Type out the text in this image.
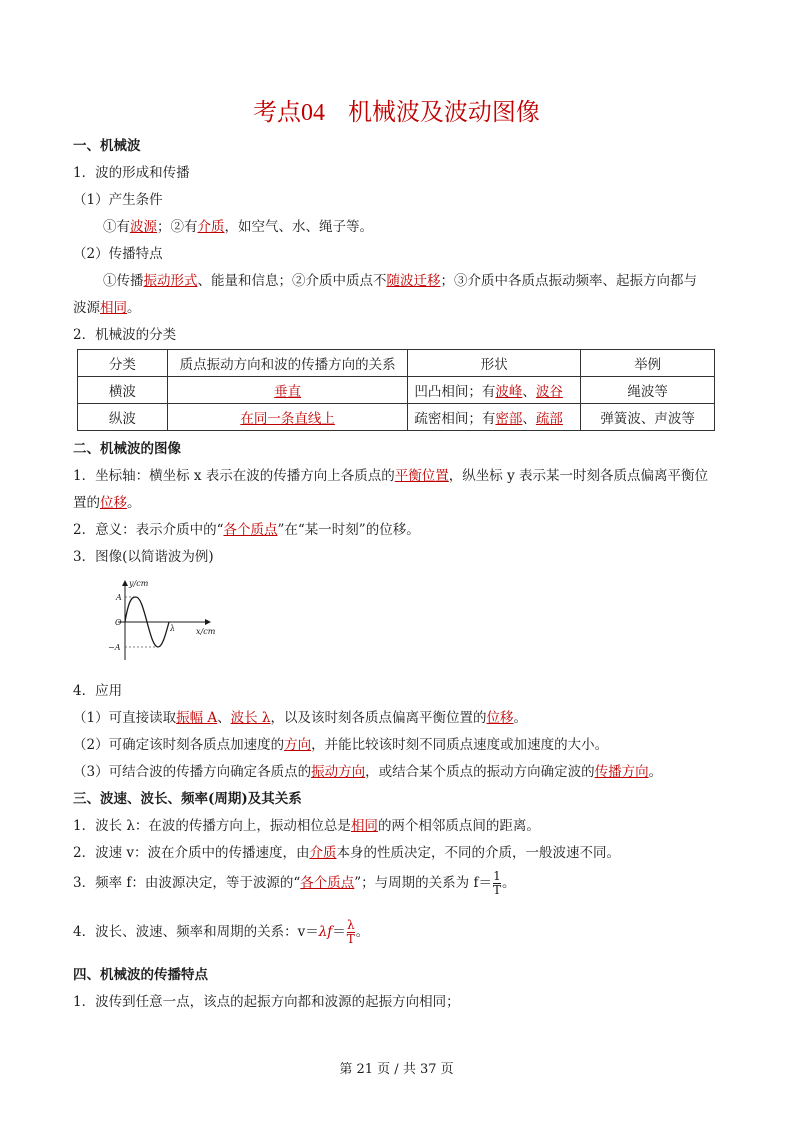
考点04 机械波及波动图像
一、机械波
1．波的形成和传播
（1）产生条件
①有波源；②有介质，如空气、水、绳子等。
（2）传播特点
①传播振动形式、能量和信息；②介质中质点不随波迁移；③介质中各质点振动频率、起振方向都与
波源相同。
2．机械波的分类
分类	质点振动方向和波的传播方向的关系	形状	举例
横波	垂直	凹凸相间；有波峰、波谷	绳波等
纵波	在同一条直线上	疏密相间；有密部、疏部	弹簧波、声波等
二、机械波的图像
1．坐标轴：横坐标 x 表示在波的传播方向上各质点的平衡位置，纵坐标 y 表示某一时刻各质点偏离平衡位
置的位移。
2．意义：表示介质中的“各个质点”在“某一时刻”的位移。
3．图像(以简谐波为例)
y/cm
x/cm
A
O
−A
λ
4．应用
（1）可直接读取振幅 A、波长 λ，以及该时刻各质点偏离平衡位置的位移。
（2）可确定该时刻各质点加速度的方向，并能比较该时刻不同质点速度或加速度的大小。
（3）可结合波的传播方向确定各质点的振动方向，或结合某个质点的振动方向确定波的传播方向。
三、波速、波长、频率(周期)及其关系
1．波长 λ：在波的传播方向上，振动相位总是相同的两个相邻质点间的距离。
2．波速 v：波在介质中的传播速度，由介质本身的性质决定，不同的介质，一般波速不同。
3．频率 f：由波源决定，等于波源的“各个质点”；与周期的关系为 $f= \frac{1}{T}$ 。
4．波长、波速、频率和周期的关系：$v=\lambda f= \frac{\lambda}{T}$ 。
四、机械波的传播特点
1．波传到任意一点，该点的起振方向都和波源的起振方向相同；
第 21 页 / 共 37 页
